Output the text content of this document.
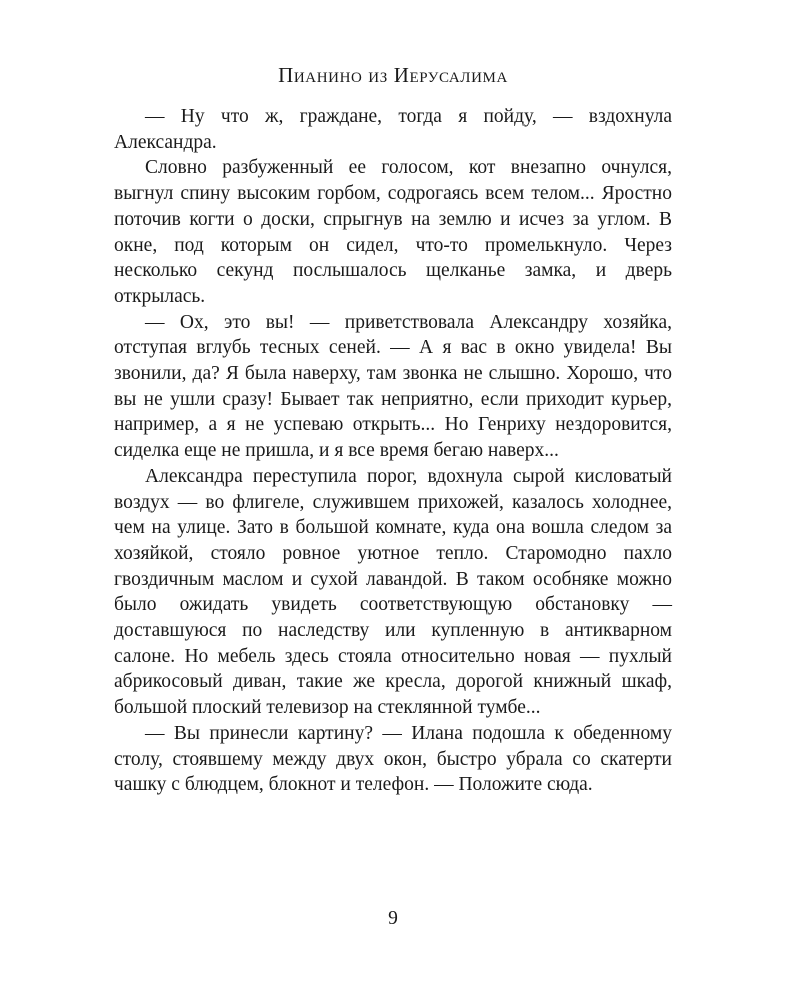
Пианино из Иерусалима

— Ну что ж, граждане, тогда я пойду, — вздохнула Александра.

Словно разбуженный ее голосом, кот внезапно очнулся, выгнул спину высоким горбом, содрогаясь всем телом... Яростно поточив когти о доски, спрыгнув на землю и исчез за углом. В окне, под которым он сидел, что-то промелькнуло. Через несколько секунд послышалось щелканье замка, и дверь открылась.

— Ох, это вы! — приветствовала Александру хозяйка, отступая вглубь тесных сеней. — А я вас в окно увидела! Вы звонили, да? Я была наверху, там звонка не слышно. Хорошо, что вы не ушли сразу! Бывает так неприятно, если приходит курьер, например, а я не успеваю открыть... Но Генриху нездоровится, сиделка еще не пришла, и я все время бегаю наверх...

Александра переступила порог, вдохнула сырой кисловатый воздух — во флигеле, служившем прихожей, казалось холоднее, чем на улице. Зато в большой комнате, куда она вошла следом за хозяйкой, стояло ровное уютное тепло. Старомодно пахло гвоздичным маслом и сухой лавандой. В таком особняке можно было ожидать увидеть соответствующую обстановку — доставшуюся по наследству или купленную в антикварном салоне. Но мебель здесь стояла относительно новая — пухлый абрикосовый диван, такие же кресла, дорогой книжный шкаф, большой плоский телевизор на стеклянной тумбе...

— Вы принесли картину? — Илана подошла к обеденному столу, стоявшему между двух окон, быстро убрала со скатерти чашку с блюдцем, блокнот и телефон. — Положите сюда.

9
